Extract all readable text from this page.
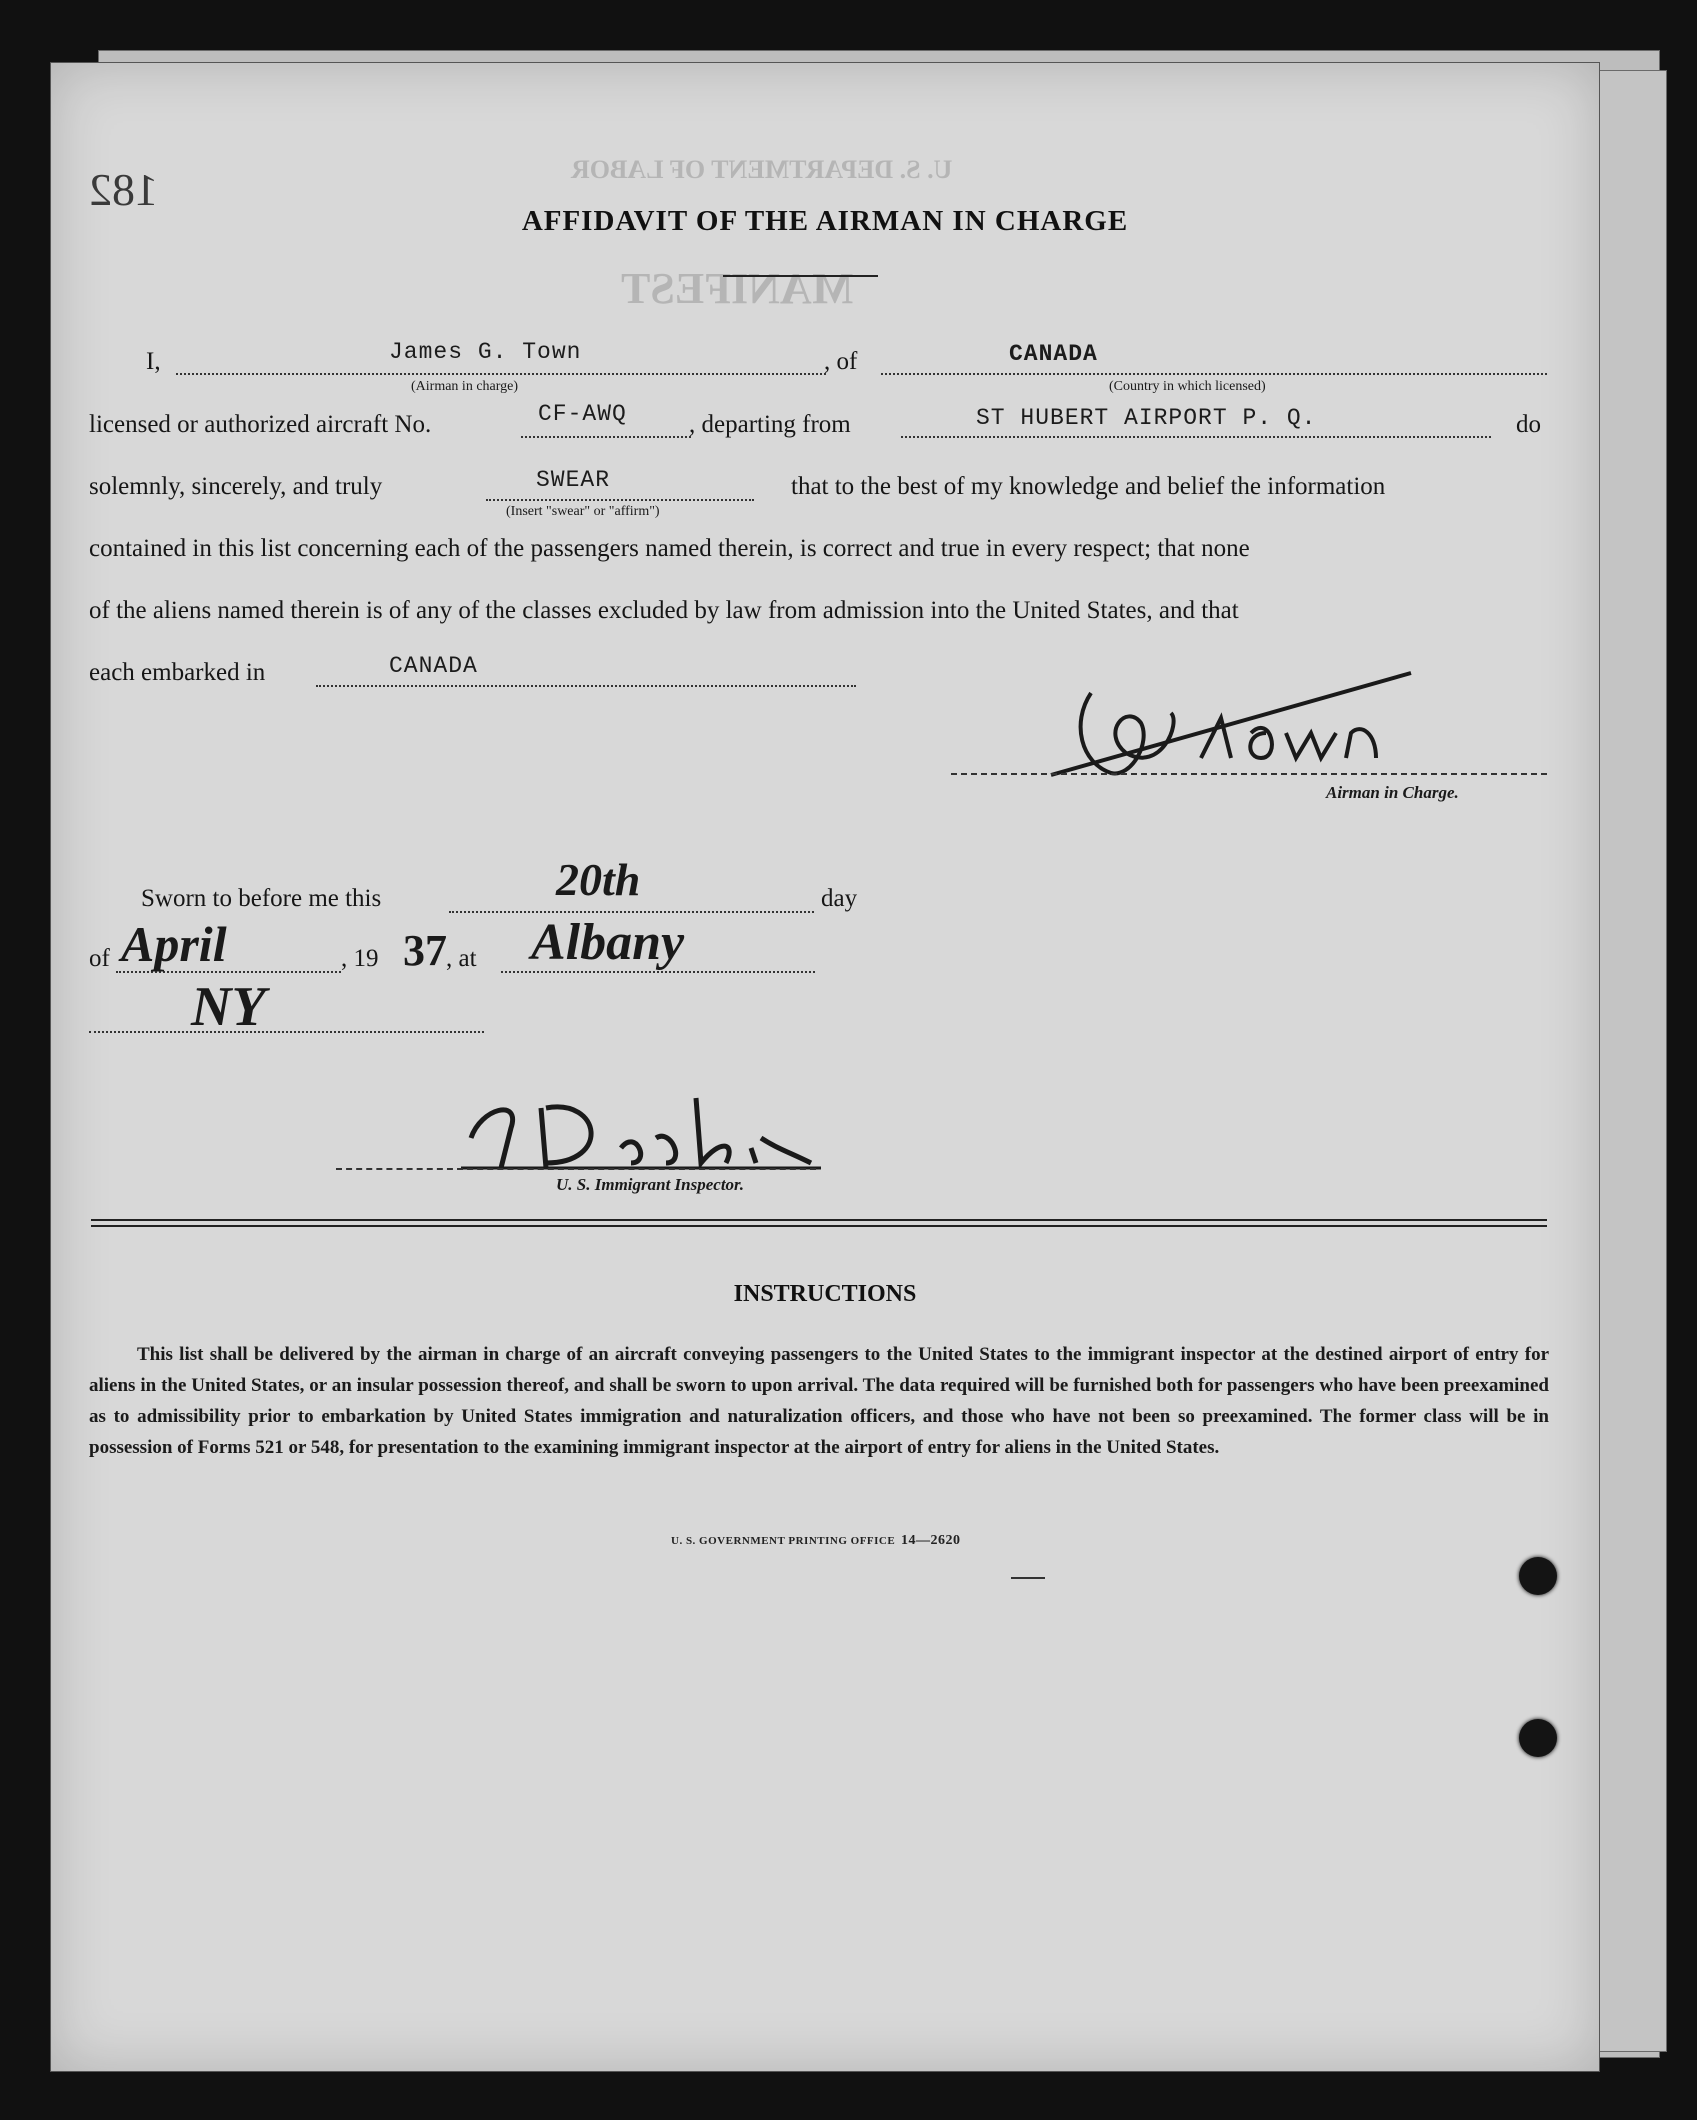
U. S. DEPARTMENT OF LABOR
MANIFEST
182
AFFIDAVIT OF THE AIRMAN IN CHARGE
I,	James G. Town
(Airman in charge)
, of	CANADA
(Country in which licensed)
licensed or authorized aircraft No.	CF-AWQ , departing from	ST HUBERT AIRPORT P. Q.	do
solemnly, sincerely, and truly	SWEAR
(Insert "swear" or "affirm")
that to the best of my knowledge and belief the information
contained in this list concerning each of the passengers named therein, is correct and true in every respect; that none
of the aliens named therein is of any of the classes excluded by law from admission into the United States, and that
each embarked in	CANADA
Airman in Charge.
Sworn to before me this	20th	day
of April	, 19 37 , at Albany
NY
U. S. Immigrant Inspector.
INSTRUCTIONS
This list shall be delivered by the airman in charge of an aircraft conveying passengers to the United States to the immigrant inspector at the destined airport of entry for aliens in the United States, or an insular possession thereof, and shall be sworn to upon arrival. The data required will be furnished both for passengers who have been preexamined as to admissibility prior to embarkation by United States immigration and naturalization officers, and those who have not been so preexamined. The former class will be in possession of Forms 521 or 548, for presentation to the examining immigrant inspector at the airport of entry for aliens in the United States.
U. S. GOVERNMENT PRINTING OFFICE 14—2620
